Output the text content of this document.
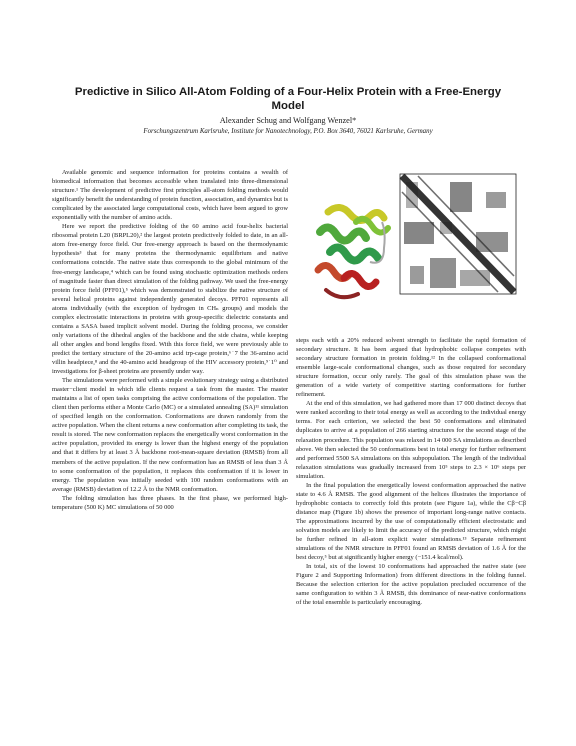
Predictive in Silico All-Atom Folding of a Four-Helix Protein with a Free-Energy Model
Alexander Schug and Wolfgang Wenzel*
Forschungszentrum Karlsruhe, Institute for Nanotechnology, P.O. Box 3640, 76021 Karlsruhe, Germany

Available genomic and sequence information for proteins contains a wealth of biomedical information that becomes accessible when translated into three-dimensional structure.¹ The development of predictive first principles all-atom folding methods would significantly benefit the understanding of protein function, association, and dynamics but is complicated by the associated large computational costs, which have been argued to grow exponentially with the number of amino acids.

Here we report the predictive folding of the 60 amino acid four-helix bacterial ribosomal protein L20 (BRPL20),² the largest protein predictively folded to date, in an all-atom free-energy force field. Our free-energy approach is based on the thermodynamic hypothesis³ that for many proteins the thermodynamic equilibrium and native conformations coincide. The native state thus corresponds to the global minimum of the free-energy landscape,⁴ which can be found using stochastic optimization methods orders of magnitude faster than direct simulation of the folding pathway. We used the free-energy protein force field (PFF01),⁵ which was demonstrated to stabilize the native structure of several helical proteins against independently generated decoys. PFF01 represents all atoms individually (with the exception of hydrogen in CHₙ groups) and models the complex electrostatic interactions in proteins with group-specific dielectric constants and contains a SASA based implicit solvent model. During the folding process, we consider only variations of the dihedral angles of the backbone and the side chains, while keeping all other angles and bond lengths fixed. With this force field, we were previously able to predict the tertiary structure of the 20-amino acid trp-cage protein,⁶˙7 the 36-amino acid villin headpiece,⁸ and the 40-amino acid headgroup of the HIV accessory protein,⁹˙1⁰ and investigations for β-sheet proteins are presently under way.

The simulations were performed with a simple evolutionary strategy using a distributed master−client model in which idle clients request a task from the master. The master maintains a list of open tasks comprising the active conformations of the population. The client then performs either a Monte Carlo (MC) or a simulated annealing (SA)¹¹ simulation of specified length on the conformation. Conformations are drawn randomly from the active population. When the client returns a new conformation after completing its task, the result is stored. The new conformation replaces the energetically worst conformation in the active population, provided its energy is lower than the highest energy of the population and that it differs by at least 3 Å backbone root-mean-square deviation (RMSB) from all members of the active population. If the new conformation has an RMSB of less than 3 Å to some conformation of the population, it replaces this conformation if it is lower in energy. The population was initially seeded with 100 random conformations with an average (RMSB) deviation of 12.2 Å to the NMR conformation.

The folding simulation has three phases. In the first phase, we performed high-temperature (500 K) MC simulations of 50 000

steps each with a 20% reduced solvent strength to facilitate the rapid formation of secondary structure. It has been argued that hydrophobic collapse competes with secondary structure formation in protein folding.¹² In the collapsed conformational ensemble large-scale conformational changes, such as those required for secondary structure formation, occur only rarely. The goal of this simulation phase was the generation of a wide variety of competitive starting conformations for further refinement.

At the end of this simulation, we had gathered more than 17 000 distinct decoys that were ranked according to their total energy as well as according to the individual energy terms. For each criterion, we selected the best 50 conformations and eliminated duplicates to arrive at a population of 266 starting structures for the second stage of the relaxation procedure. This population was relaxed in 14 000 SA simulations as described above. We then selected the 50 conformations best in total energy for further refinement and performed 5500 SA simulations on this subpopulation. The length of the individual relaxation simulations was gradually increased from 10⁵ steps to 2.3 × 10⁶ steps per simulation.

In the final population the energetically lowest conformation approached the native state to 4.6 Å RMSB. The good alignment of the helices illustrates the importance of hydrophobic contacts to correctly fold this protein (see Figure 1a), while the Cβ−Cβ distance map (Figure 1b) shows the presence of important long-range native contacts. The approximations incurred by the use of computationally efficient electrostatic and solvation models are likely to limit the accuracy of the predicted structure, which might be further refined in all-atom explicit water simulations.¹³ Separate refinement simulations of the NMR structure in PFF01 found an RMSB deviation of 1.6 Å for the best decoy,⁵ but at significantly higher energy (−151.4 kcal/mol).

In total, six of the lowest 10 conformations had approached the native state (see Figure 2 and Supporting Information) from different directions in the folding funnel. Because the selection criterion for the active population precluded occurrence of the same configuration to within 3 Å RMSB, this dominance of near-native conformations of the total ensemble is particularly encouraging.
